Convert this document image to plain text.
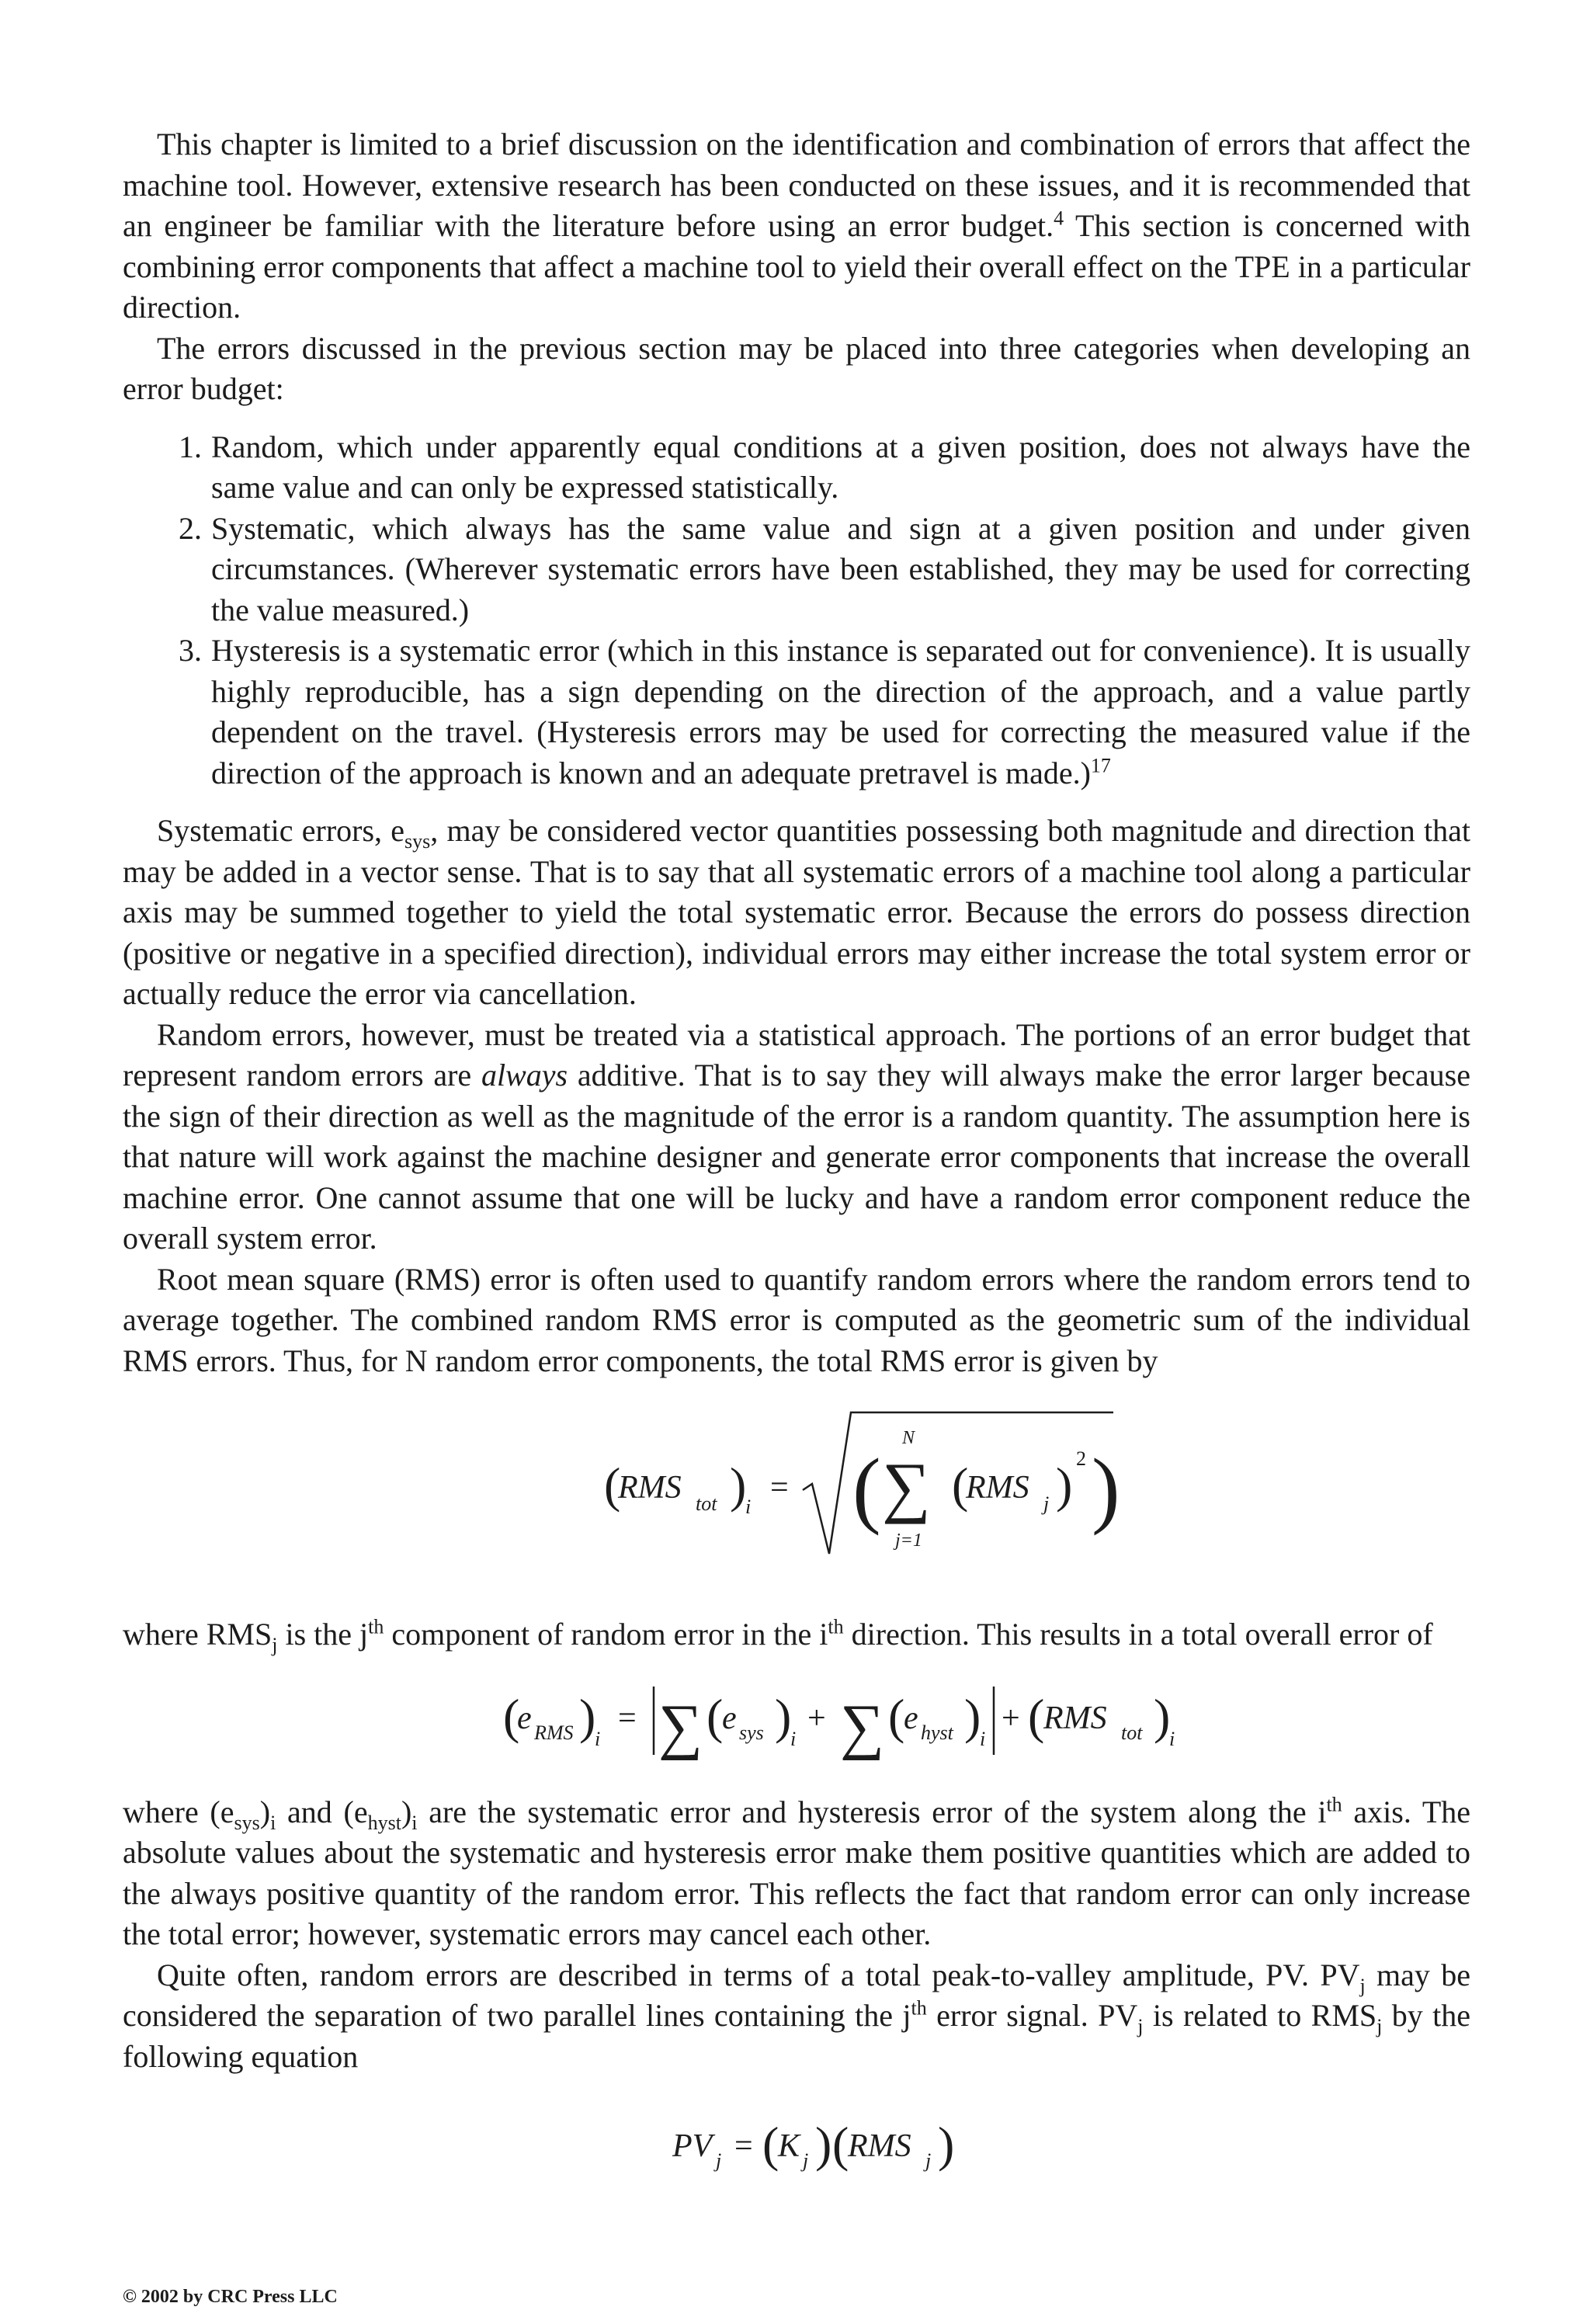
This chapter is limited to a brief discussion on the identification and combination of errors that affect the machine tool. However, extensive research has been conducted on these issues, and it is recommended that an engineer be familiar with the literature before using an error budget.$^4$ This section is concerned with combining error components that affect a machine tool to yield their overall effect on the TPE in a particular direction.

The errors discussed in the previous section may be placed into three categories when developing an error budget:

1. Random, which under apparently equal conditions at a given position, does not always have the same value and can only be expressed statistically.
2. Systematic, which always has the same value and sign at a given position and under given circumstances. (Wherever systematic errors have been established, they may be used for correcting the value measured.)
3. Hysteresis is a systematic error (which in this instance is separated out for convenience). It is usually highly reproducible, has a sign depending on the direction of the approach, and a value partly dependent on the travel. (Hysteresis errors may be used for correcting the measured value if the direction of the approach is known and an adequate pretravel is made.)$^{17}$

Systematic errors, $e_{sys}$, may be considered vector quantities possessing both magnitude and direction that may be added in a vector sense. That is to say that all systematic errors of a machine tool along a particular axis may be summed together to yield the total systematic error. Because the errors do possess direction (positive or negative in a specified direction), individual errors may either increase the total system error or actually reduce the error via cancellation.

Random errors, however, must be treated via a statistical approach. The portions of an error budget that represent random errors are always additive. That is to say they will always make the error larger because the sign of their direction as well as the magnitude of the error is a random quantity. The assumption here is that nature will work against the machine designer and generate error components that increase the overall machine error. One cannot assume that one will be lucky and have a random error component reduce the overall system error.

Root mean square (RMS) error is often used to quantify random errors where the random errors tend to average together. The combined random RMS error is computed as the geometric sum of the individual RMS errors. Thus, for N random error components, the total RMS error is given by

(
RMS tot )
i
= (
N
∑
j=1
(
RMS j ) 2 )

where $RMS_j$ is the $j^{th}$ component of random error in the $i^{th}$ direction. This results in a total overall error of

(
e RMS )
i
= ∑ (
e sys )
i
+ ∑ (
e hyst )
i
+ (
RMS tot )
i

where $(e_{sys})_i$ and $(e_{hyst})_i$ are the systematic error and hysteresis error of the system along the $i^{th}$ axis. The absolute values about the systematic and hysteresis error make them positive quantities which are added to the always positive quantity of the random error. This reflects the fact that random error can only increase the total error; however, systematic errors may cancel each other.

Quite often, random errors are described in terms of a total peak-to-valley amplitude, PV. $PV_j$ may be considered the separation of two parallel lines containing the $j^{th}$ error signal. $PV_j$ is related to $RMS_j$ by the following equation

PV j = (
K j ) (
RMS j )
© 2002 by CRC Press LLC
